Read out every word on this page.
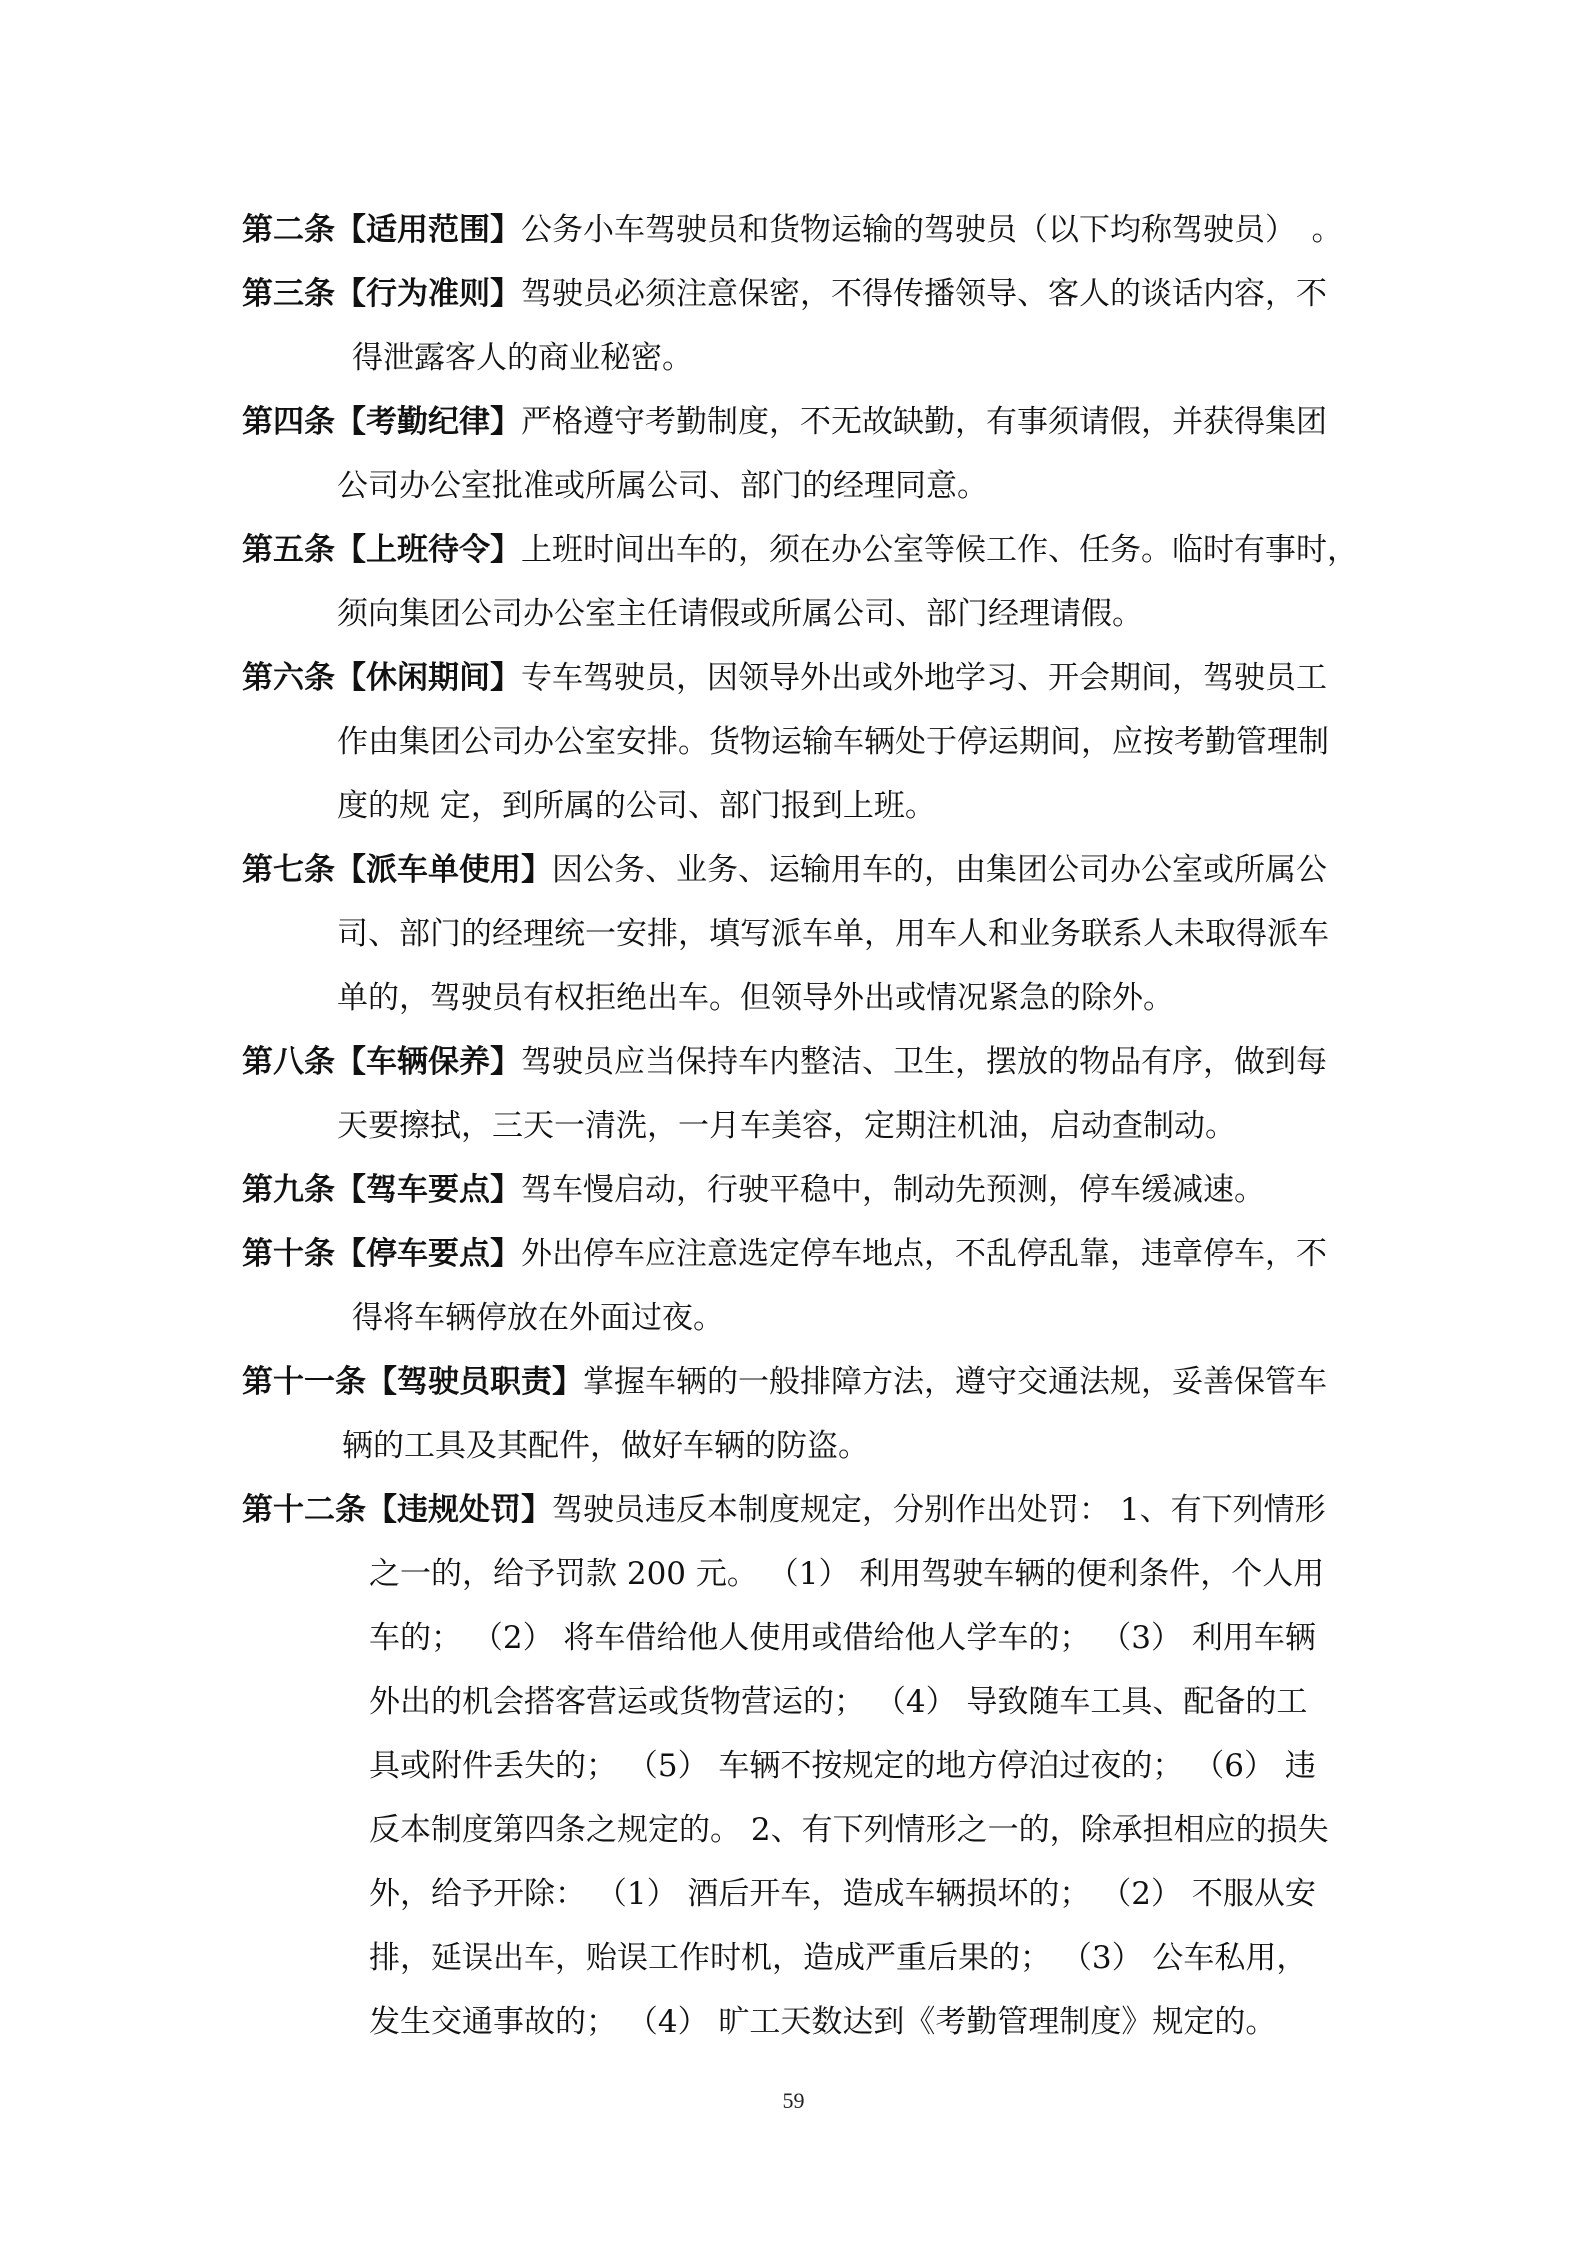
第二条【适用范围】公务小车驾驶员和货物运输的驾驶员（以下均称驾驶员）　。

第三条【行为准则】驾驶员必须注意保密，不得传播领导、客人的谈话内容，不
得泄露客人的商业秘密。

第四条【考勤纪律】严格遵守考勤制度，不无故缺勤，有事须请假，并获得集团
公司办公室批准或所属公司、部门的经理同意。

第五条【上班待令】上班时间出车的，须在办公室等候工作、任务。临时有事时，
须向集团公司办公室主任请假或所属公司、部门经理请假。

第六条【休闲期间】专车驾驶员，因领导外出或外地学习、开会期间，驾驶员工
作由集团公司办公室安排。货物运输车辆处于停运期间，应按考勤管理制
度的规 定，到所属的公司、部门报到上班。

第七条【派车单使用】因公务、业务、运输用车的，由集团公司办公室或所属公
司、部门的经理统一安排，填写派车单，用车人和业务联系人未取得派车
单的，驾驶员有权拒绝出车。但领导外出或情况紧急的除外。

第八条【车辆保养】驾驶员应当保持车内整洁、卫生，摆放的物品有序，做到每
天要擦拭，三天一清洗，一月车美容，定期注机油，启动查制动。

第九条【驾车要点】驾车慢启动，行驶平稳中，制动先预测，停车缓减速。

第十条【停车要点】外出停车应注意选定停车地点，不乱停乱靠，违章停车，不
得将车辆停放在外面过夜。

第十一条【驾驶员职责】掌握车辆的一般排障方法，遵守交通法规，妥善保管车
辆的工具及其配件，做好车辆的防盗。

第十二条【违规处罚】驾驶员违反本制度规定，分别作出处罚： 1、有下列情形
之一的，给予罚款 200 元。 （1） 利用驾驶车辆的便利条件，个人用
车的； （2） 将车借给他人使用或借给他人学车的； （3） 利用车辆
外出的机会搭客营运或货物营运的； （4） 导致随车工具、配备的工
具或附件丢失的； （5） 车辆不按规定的地方停泊过夜的； （6） 违
反本制度第四条之规定的。 2、有下列情形之一的，除承担相应的损失
外，给予开除： （1） 酒后开车，造成车辆损坏的； （2） 不服从安
排，延误出车，贻误工作时机，造成严重后果的； （3） 公车私用，
发生交通事故的； （4） 旷工天数达到《考勤管理制度》规定的。

59
